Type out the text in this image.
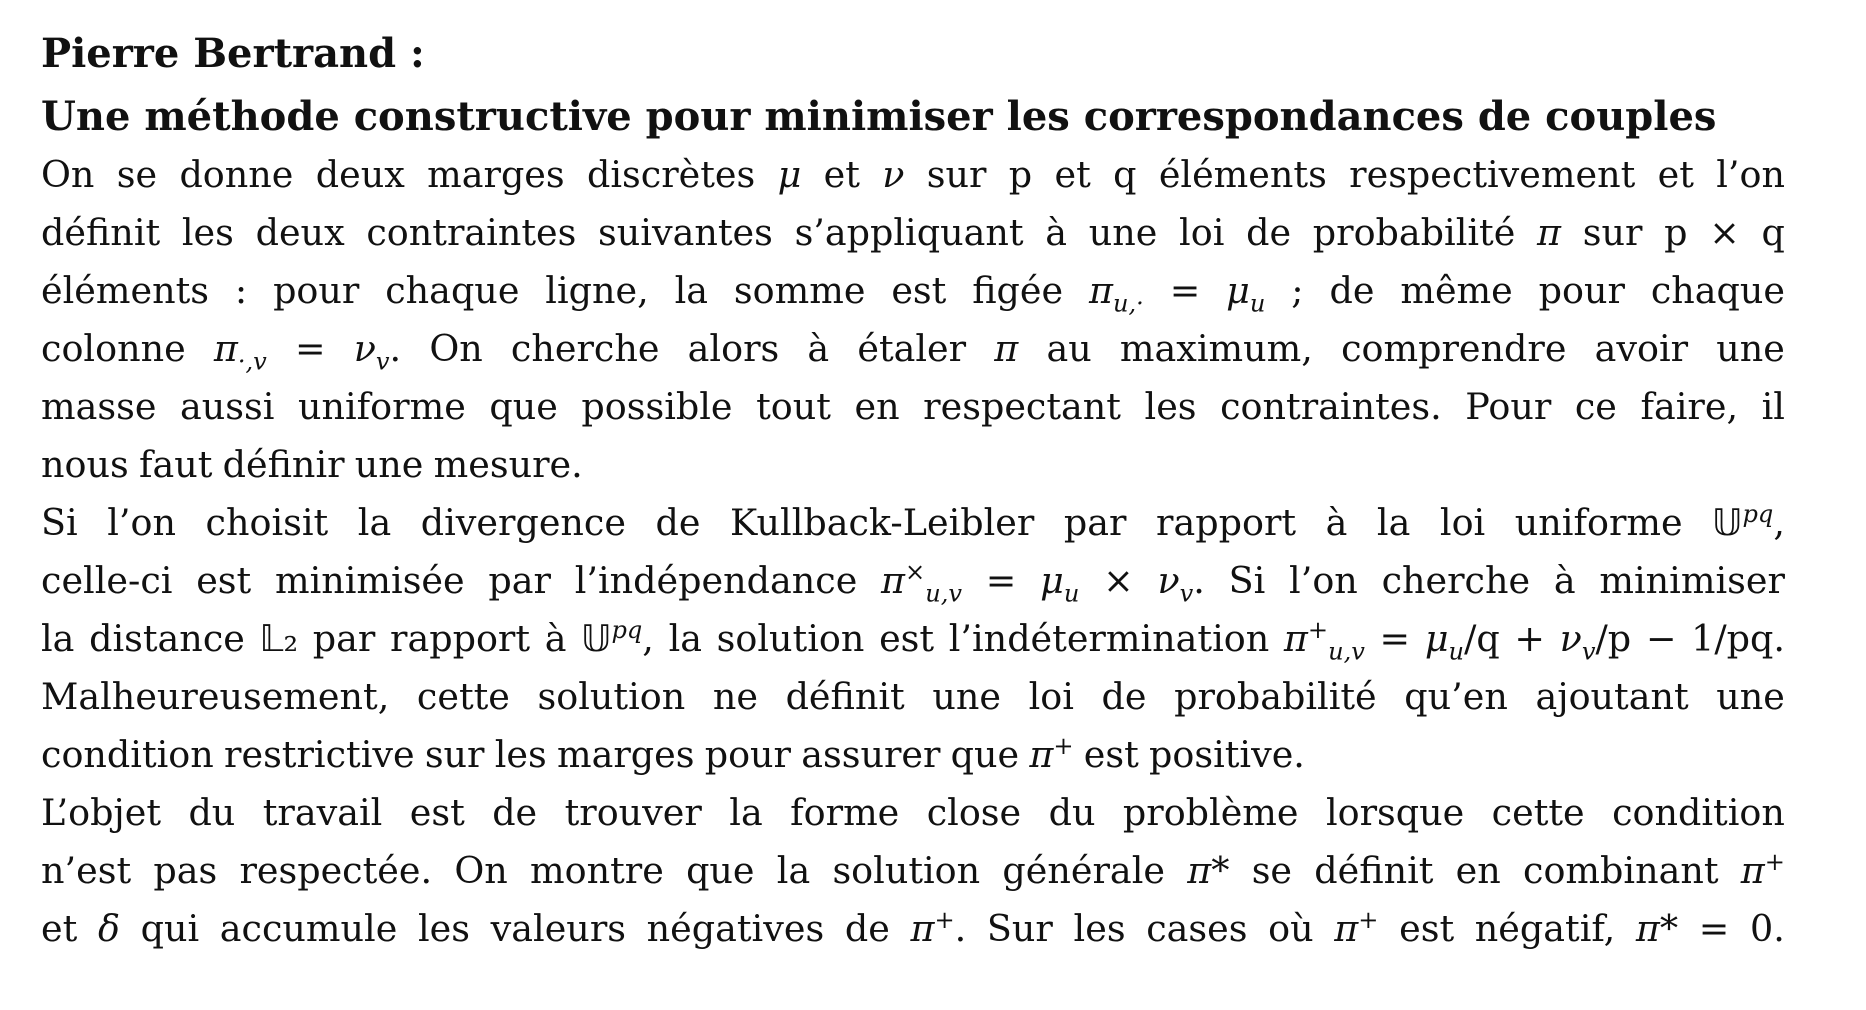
Pierre Bertrand :
Une méthode constructive pour minimiser les correspondances de couples
On se donne deux marges discrètes μ et ν sur p et q éléments respectivement et l’on
définit les deux contraintes suivantes s’appliquant à une loi de probabilité π sur p × q
éléments : pour chaque ligne, la somme est figée $\pi_{u,\cdot} = \mu_u$ ; de même pour chaque
colonne $\pi_{\cdot,v} = \nu_v$. On cherche alors à étaler π au maximum, comprendre avoir une
masse aussi uniforme que possible tout en respectant les contraintes. Pour ce faire, il
nous faut définir une mesure.
Si l’on choisit la divergence de Kullback-Leibler par rapport à la loi uniforme �$^{pq}$,
celle-ci est minimisée par l’indépendance $\pi^\times_{u,v} = \mu_u \times \nu_v$. Si l’on cherche à minimiser
la distance �₂ par rapport à �$^{pq}$, la solution est l’indétermination $\pi^+_{u,v} = \mu_u/q + \nu_v/p - 1/pq$.
Malheureusement, cette solution ne définit une loi de probabilité qu’en ajoutant une
condition restrictive sur les marges pour assurer que π+ est positive.
L’objet du travail est de trouver la forme close du problème lorsque cette condition
n’est pas respectée. On montre que la solution générale π* se définit en combinant π+
et δ qui accumule les valeurs négatives de π+. Sur les cases où π+ est négatif, π* = 0.
